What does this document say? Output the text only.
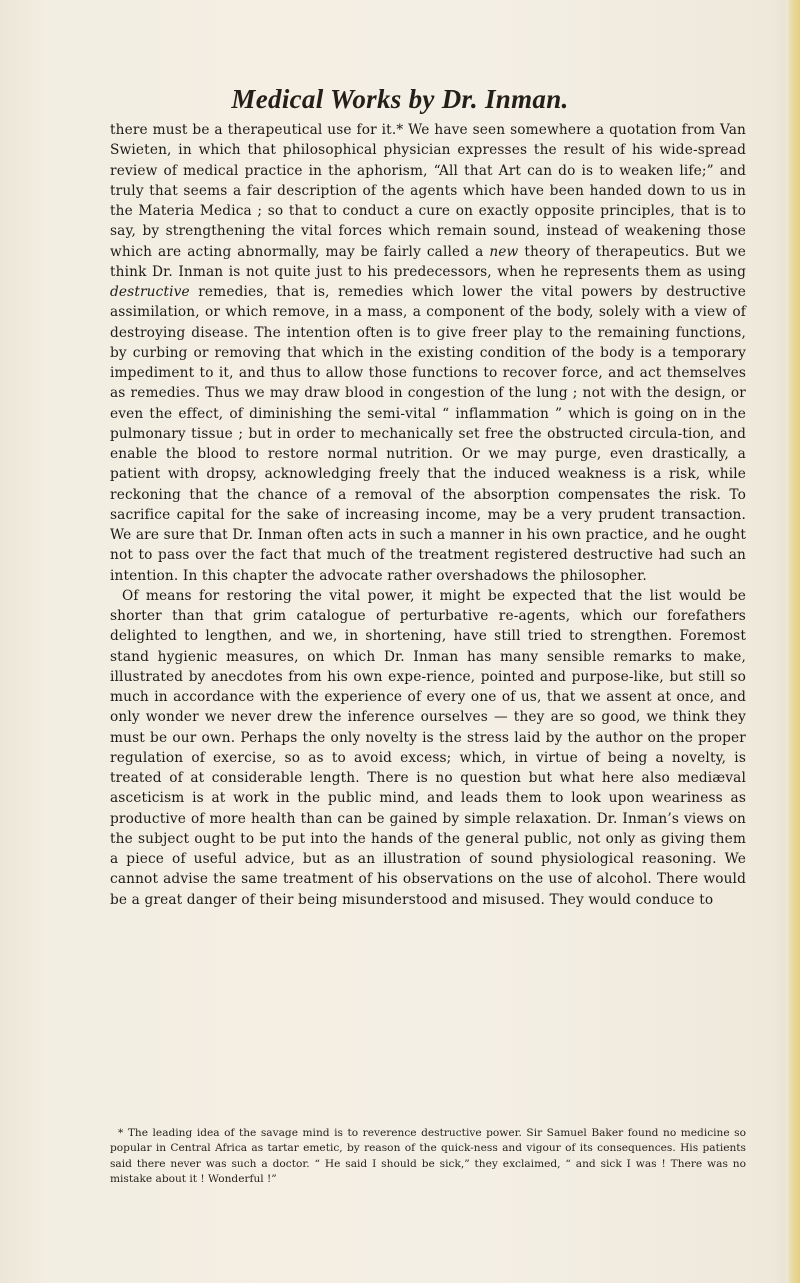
Medical Works by Dr. Inman.

there must be a therapeutical use for it.* We have seen somewhere a quotation from Van Swieten, in which that philosophical physician expresses the result of his wide-spread review of medical practice in the aphorism, “All that Art can do is to weaken life;” and truly that seems a fair description of the agents which have been handed down to us in the Materia Medica ; so that to conduct a cure on exactly opposite principles, that is to say, by strengthening the vital forces which remain sound, instead of weakening those which are acting abnormally, may be fairly called a new theory of therapeutics. But we think Dr. Inman is not quite just to his predecessors, when he represents them as using destructive remedies, that is, remedies which lower the vital powers by destructive assimilation, or which remove, in a mass, a component of the body, solely with a view of destroying disease. The intention often is to give freer play to the remaining functions, by curbing or removing that which in the existing condition of the body is a temporary impediment to it, and thus to allow those functions to recover force, and act themselves as remedies. Thus we may draw blood in congestion of the lung ; not with the design, or even the effect, of diminishing the semi-vital “ inflammation ” which is going on in the pulmonary tissue ; but in order to mechanically set free the obstructed circula-tion, and enable the blood to restore normal nutrition. Or we may purge, even drastically, a patient with dropsy, acknowledging freely that the induced weakness is a risk, while reckoning that the chance of a removal of the absorption compensates the risk. To sacrifice capital for the sake of increasing income, may be a very prudent transaction. We are sure that Dr. Inman often acts in such a manner in his own practice, and he ought not to pass over the fact that much of the treatment registered destructive had such an intention. In this chapter the advocate rather overshadows the philosopher.

Of means for restoring the vital power, it might be expected that the list would be shorter than that grim catalogue of perturbative re-agents, which our forefathers delighted to lengthen, and we, in shortening, have still tried to strengthen. Foremost stand hygienic measures, on which Dr. Inman has many sensible remarks to make, illustrated by anecdotes from his own expe-rience, pointed and purpose-like, but still so much in accordance with the experience of every one of us, that we assent at once, and only wonder we never drew the inference ourselves — they are so good, we think they must be our own. Perhaps the only novelty is the stress laid by the author on the proper regulation of exercise, so as to avoid excess; which, in virtue of being a novelty, is treated of at considerable length. There is no question but what here also mediæval asceticism is at work in the public mind, and leads them to look upon weariness as productive of more health than can be gained by simple relaxation. Dr. Inman’s views on the subject ought to be put into the hands of the general public, not only as giving them a piece of useful advice, but as an illustration of sound physiological reasoning. We cannot advise the same treatment of his observations on the use of alcohol. There would be a great danger of their being misunderstood and misused. They would conduce to

* The leading idea of the savage mind is to reverence destructive power. Sir Samuel Baker found no medicine so popular in Central Africa as tartar emetic, by reason of the quick-ness and vigour of its consequences. His patients said there never was such a doctor. “ He said I should be sick,” they exclaimed, “ and sick I was ! There was no mistake about it ! Wonderful !”
